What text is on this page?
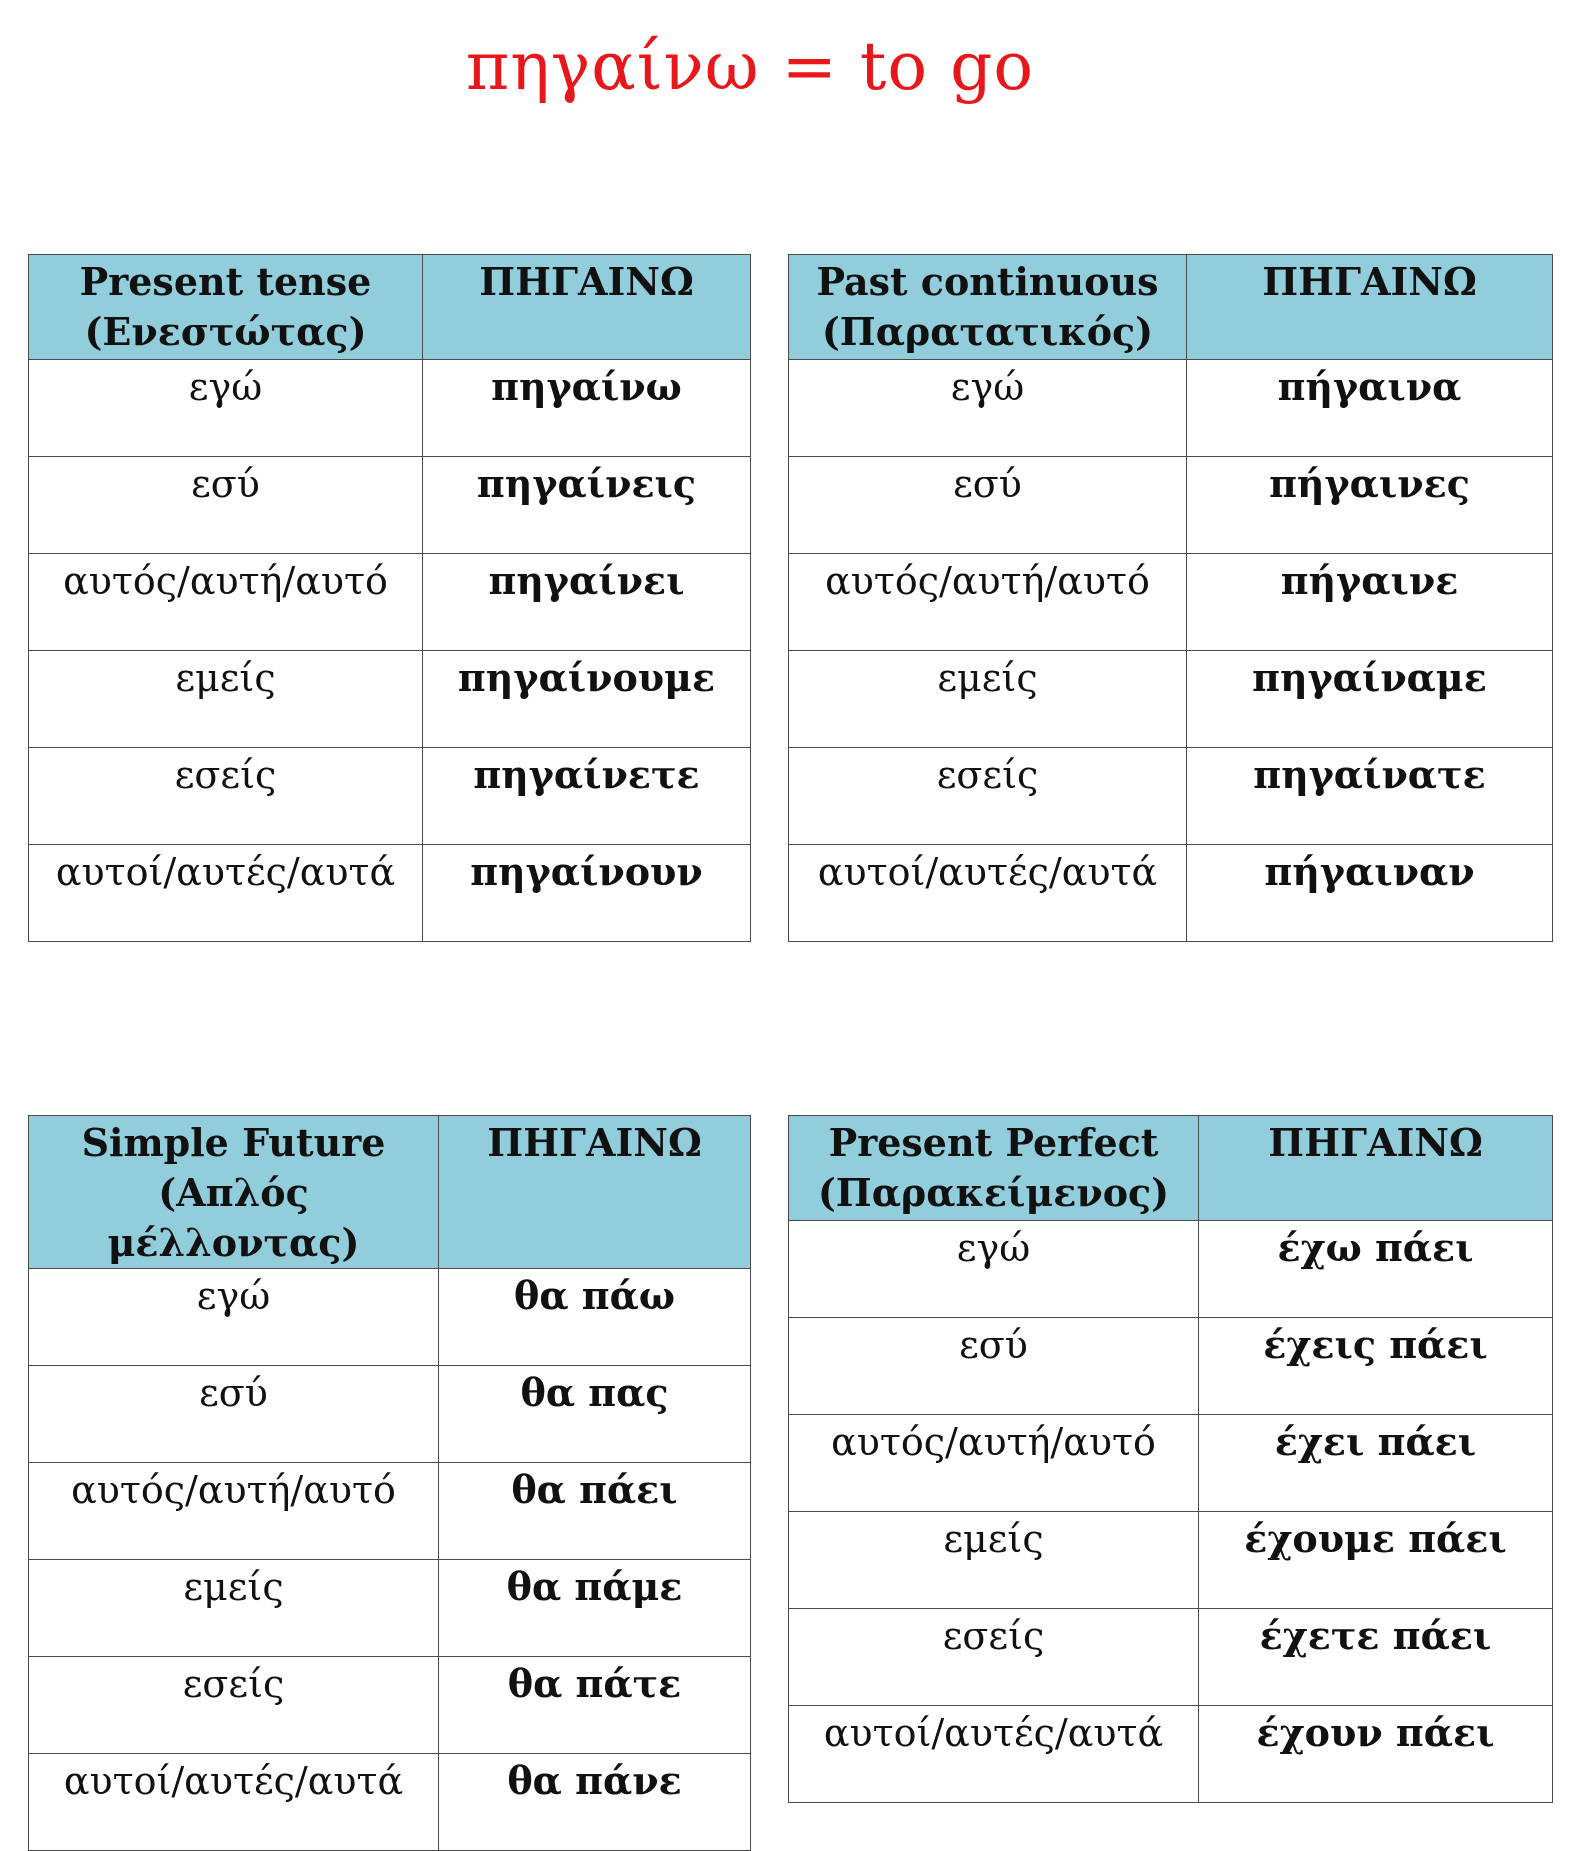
πηγαίνω = to go
Present tense
(Ενεστώτας)	ΠΗΓΑΙΝΩ
εγώ	πηγαίνω
εσύ	πηγαίνεις
αυτός/αυτή/αυτό	πηγαίνει
εμείς	πηγαίνουμε
εσείς	πηγαίνετε
αυτοί/αυτές/αυτά	πηγαίνουν
Past continuous
(Παρατατικός)	ΠΗΓΑΙΝΩ
εγώ	πήγαινα
εσύ	πήγαινες
αυτός/αυτή/αυτό	πήγαινε
εμείς	πηγαίναμε
εσείς	πηγαίνατε
αυτοί/αυτές/αυτά	πήγαιναν
Simple Future
(Απλός μέλλοντας)	ΠΗΓΑΙΝΩ
εγώ	θα πάω
εσύ	θα πας
αυτός/αυτή/αυτό	θα πάει
εμείς	θα πάμε
εσείς	θα πάτε
αυτοί/αυτές/αυτά	θα πάνε
Present Perfect
(Παρακείμενος)	ΠΗΓΑΙΝΩ
εγώ	έχω πάει
εσύ	έχεις πάει
αυτός/αυτή/αυτό	έχει πάει
εμείς	έχουμε πάει
εσείς	έχετε πάει
αυτοί/αυτές/αυτά	έχουν πάει
